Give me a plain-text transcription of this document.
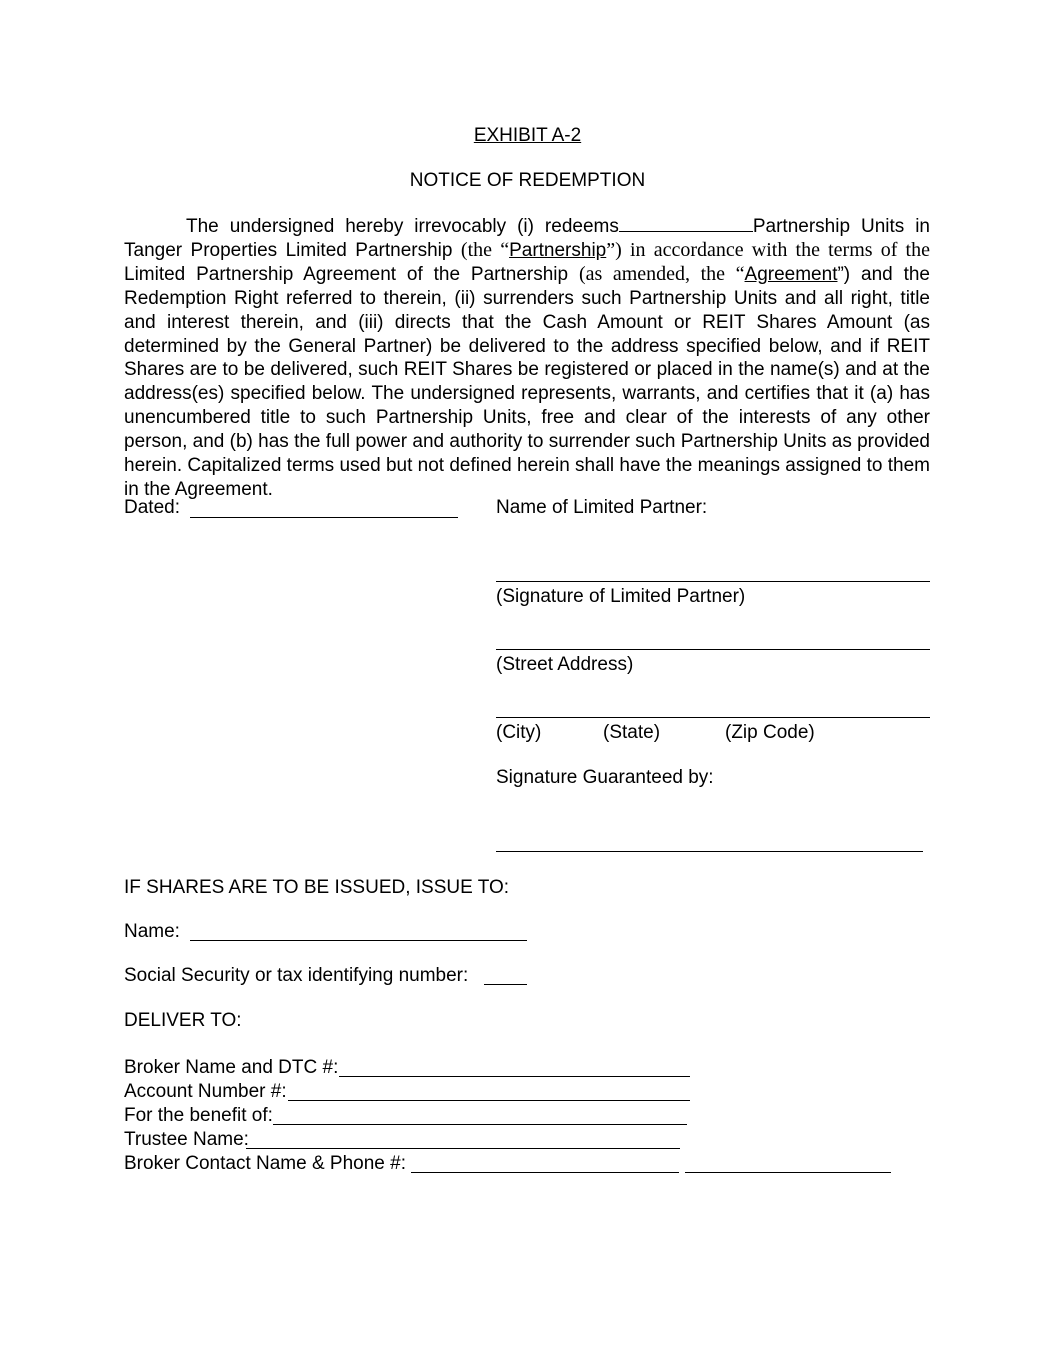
EXHIBIT A-2
NOTICE OF REDEMPTION
The undersigned hereby irrevocably (i) redeems	Partnership Units in Tanger Properties Limited Partnership (the “Partnership”) in accordance with the terms of the Limited Partnership Agreement of the Partnership (as amended, the “Agreement”) and the Redemption Right referred to therein, (ii) surrenders such Partnership Units and all right, title and interest therein, and (iii) directs that the Cash Amount or REIT Shares Amount (as determined by the General Partner) be delivered to the address specified below, and if REIT Shares are to be delivered, such REIT Shares be registered or placed in the name(s) and at the address(es) specified below. The undersigned represents, warrants, and certifies that it (a) has unencumbered title to such Partnership Units, free and clear of the interests of any other person, and (b) has the full power and authority to surrender such Partnership Units as provided herein. Capitalized terms used but not defined herein shall have the meanings assigned to them in the Agreement.
Dated:	Name of Limited Partner:
(Signature of Limited Partner)
(Street Address)
(City)	(State)	(Zip Code)
Signature Guaranteed by:
IF SHARES ARE TO BE ISSUED, ISSUE TO:
Name:
Social Security or tax identifying number:
DELIVER TO:
Broker Name and DTC #:
Account Number #:
For the benefit of:
Trustee Name:
Broker Contact Name & Phone #:
